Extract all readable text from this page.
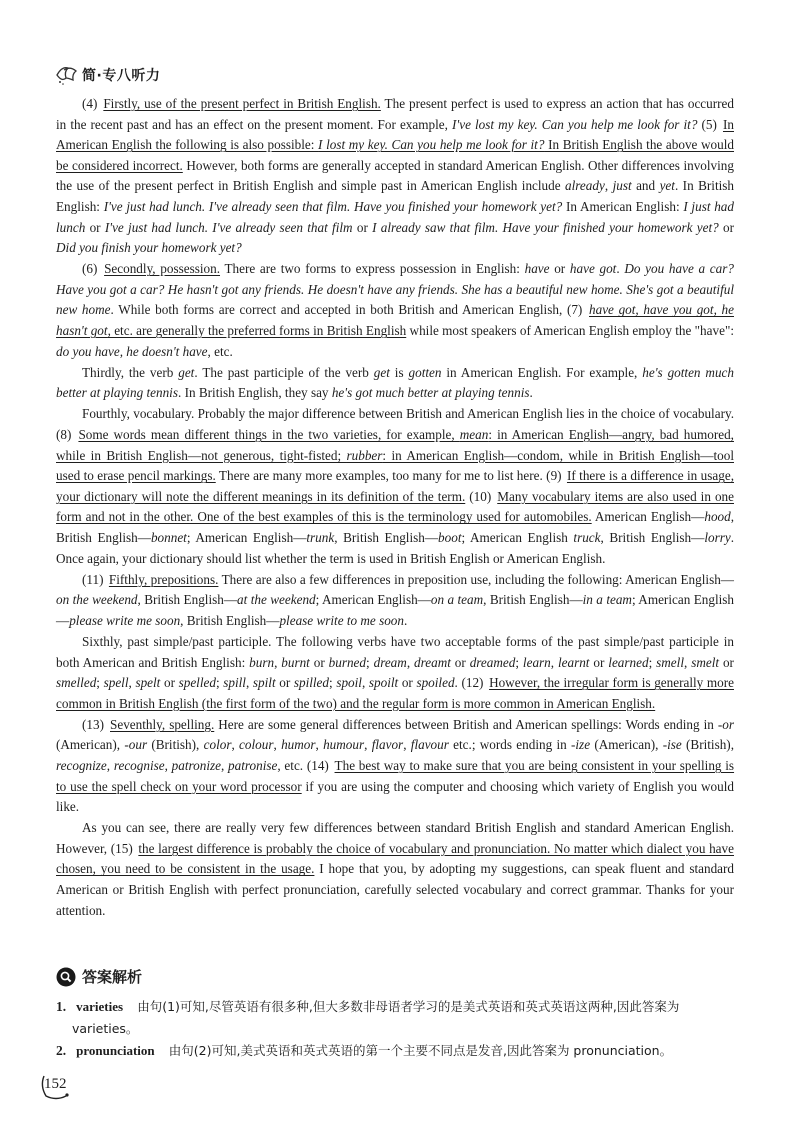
简·专八听力

(4) Firstly, use of the present perfect in British English. The present perfect is used to express an action that has occurred in the recent past and has an effect on the present moment. For example, I've lost my key. Can you help me look for it? (5) In American English the following is also possible: I lost my key. Can you help me look for it? In British English the above would be considered incorrect. However, both forms are generally accepted in standard American English. Other differences involving the use of the present perfect in British English and simple past in American English include already, just and yet. In British English: I've just had lunch. I've already seen that film. Have you finished your homework yet? In American English: I just had lunch or I've just had lunch. I've already seen that film or I already saw that film. Have your finished your homework yet? or Did you finish your homework yet?

(6) Secondly, possession. There are two forms to express possession in English: have or have got. Do you have a car? Have you got a car? He hasn't got any friends. He doesn't have any friends. She has a beautiful new home. She's got a beautiful new home. While both forms are correct and accepted in both British and American English, (7) have got, have you got, he hasn't got, etc. are generally the preferred forms in British English while most speakers of American English employ the "have": do you have, he doesn't have, etc.

Thirdly, the verb get. The past participle of the verb get is gotten in American English. For example, he's gotten much better at playing tennis. In British English, they say he's got much better at playing tennis.

Fourthly, vocabulary. Probably the major difference between British and American English lies in the choice of vocabulary. (8) Some words mean different things in the two varieties, for example, mean: in American English—angry, bad humored, while in British English—not generous, tight-fisted; rubber: in American English—condom, while in British English—tool used to erase pencil markings. There are many more examples, too many for me to list here. (9) If there is a difference in usage, your dictionary will note the different meanings in its definition of the term. (10) Many vocabulary items are also used in one form and not in the other. One of the best examples of this is the terminology used for automobiles. American English—hood, British English—bonnet; American English—trunk, British English—boot; American English truck, British English—lorry. Once again, your dictionary should list whether the term is used in British English or American English.

(11) Fifthly, prepositions. There are also a few differences in preposition use, including the following: American English—on the weekend, British English—at the weekend; American English—on a team, British English—in a team; American English—please write me soon, British English—please write to me soon.

Sixthly, past simple/past participle. The following verbs have two acceptable forms of the past simple/past participle in both American and British English: burn, burnt or burned; dream, dreamt or dreamed; learn, learnt or learned; smell, smelt or smelled; spell, spelt or spelled; spill, spilt or spilled; spoil, spoilt or spoiled. (12) However, the irregular form is generally more common in British English (the first form of the two) and the regular form is more common in American English.

(13) Seventhly, spelling. Here are some general differences between British and American spellings: Words ending in -or (American), -our (British), color, colour, humor, humour, flavor, flavour etc.; words ending in -ize (American), -ise (British), recognize, recognise, patronize, patronise, etc. (14) The best way to make sure that you are being consistent in your spelling is to use the spell check on your word processor if you are using the computer and choosing which variety of English you would like.

As you can see, there are really very few differences between standard British English and standard American English. However, (15) the largest difference is probably the choice of vocabulary and pronunciation. No matter which dialect you have chosen, you need to be consistent in the usage. I hope that you, by adopting my suggestions, can speak fluent and standard American or British English with perfect pronunciation, carefully selected vocabulary and correct grammar. Thanks for your attention.

答案解析
1. varieties 由句(1)可知,尽管英语有很多种,但大多数非母语者学习的是美式英语和英式英语这两种,因此答案为
varieties。
2. pronunciation 由句(2)可知,美式英语和英式英语的第一个主要不同点是发音,因此答案为 pronunciation。
152
